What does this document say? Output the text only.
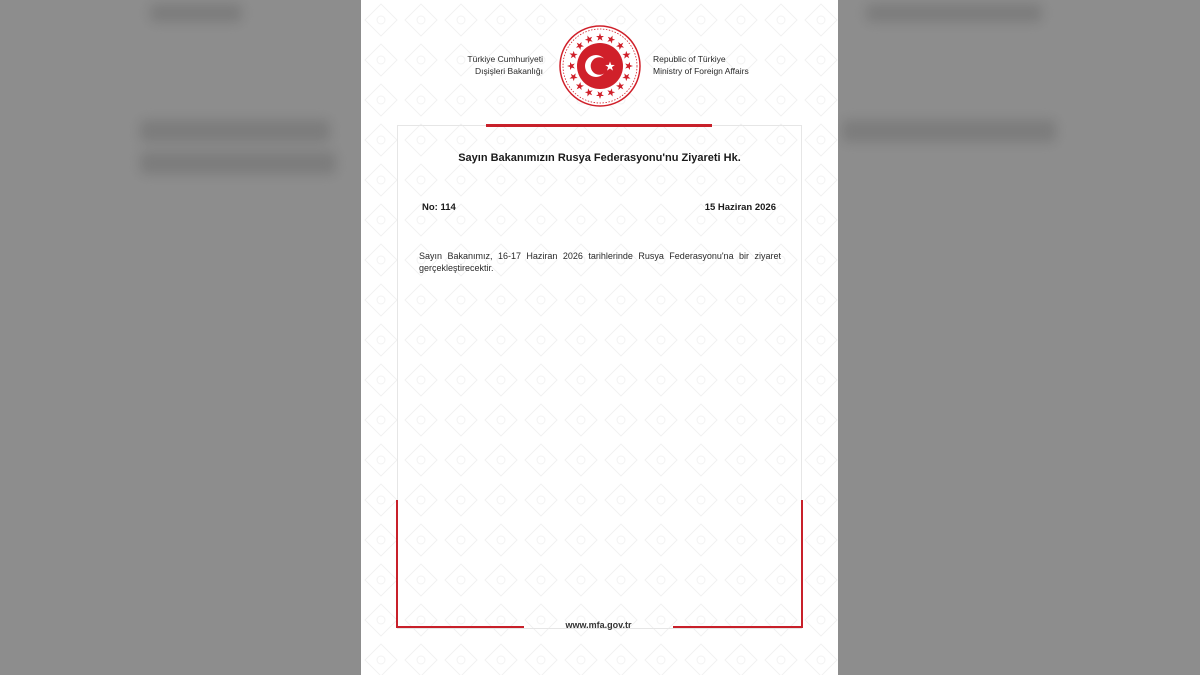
Türkiye Cumhuriyeti
Dışişleri Bakanlığı
Republic of Türkiye
Ministry of Foreign Affairs
Sayın Bakanımızın Rusya Federasyonu'nu Ziyareti Hk.
No: 114	15 Haziran 2026
Sayın Bakanımız, 16-17 Haziran 2026 tarihlerinde Rusya Federasyonu'na bir ziyaret gerçekleştirecektir.
www.mfa.gov.tr
